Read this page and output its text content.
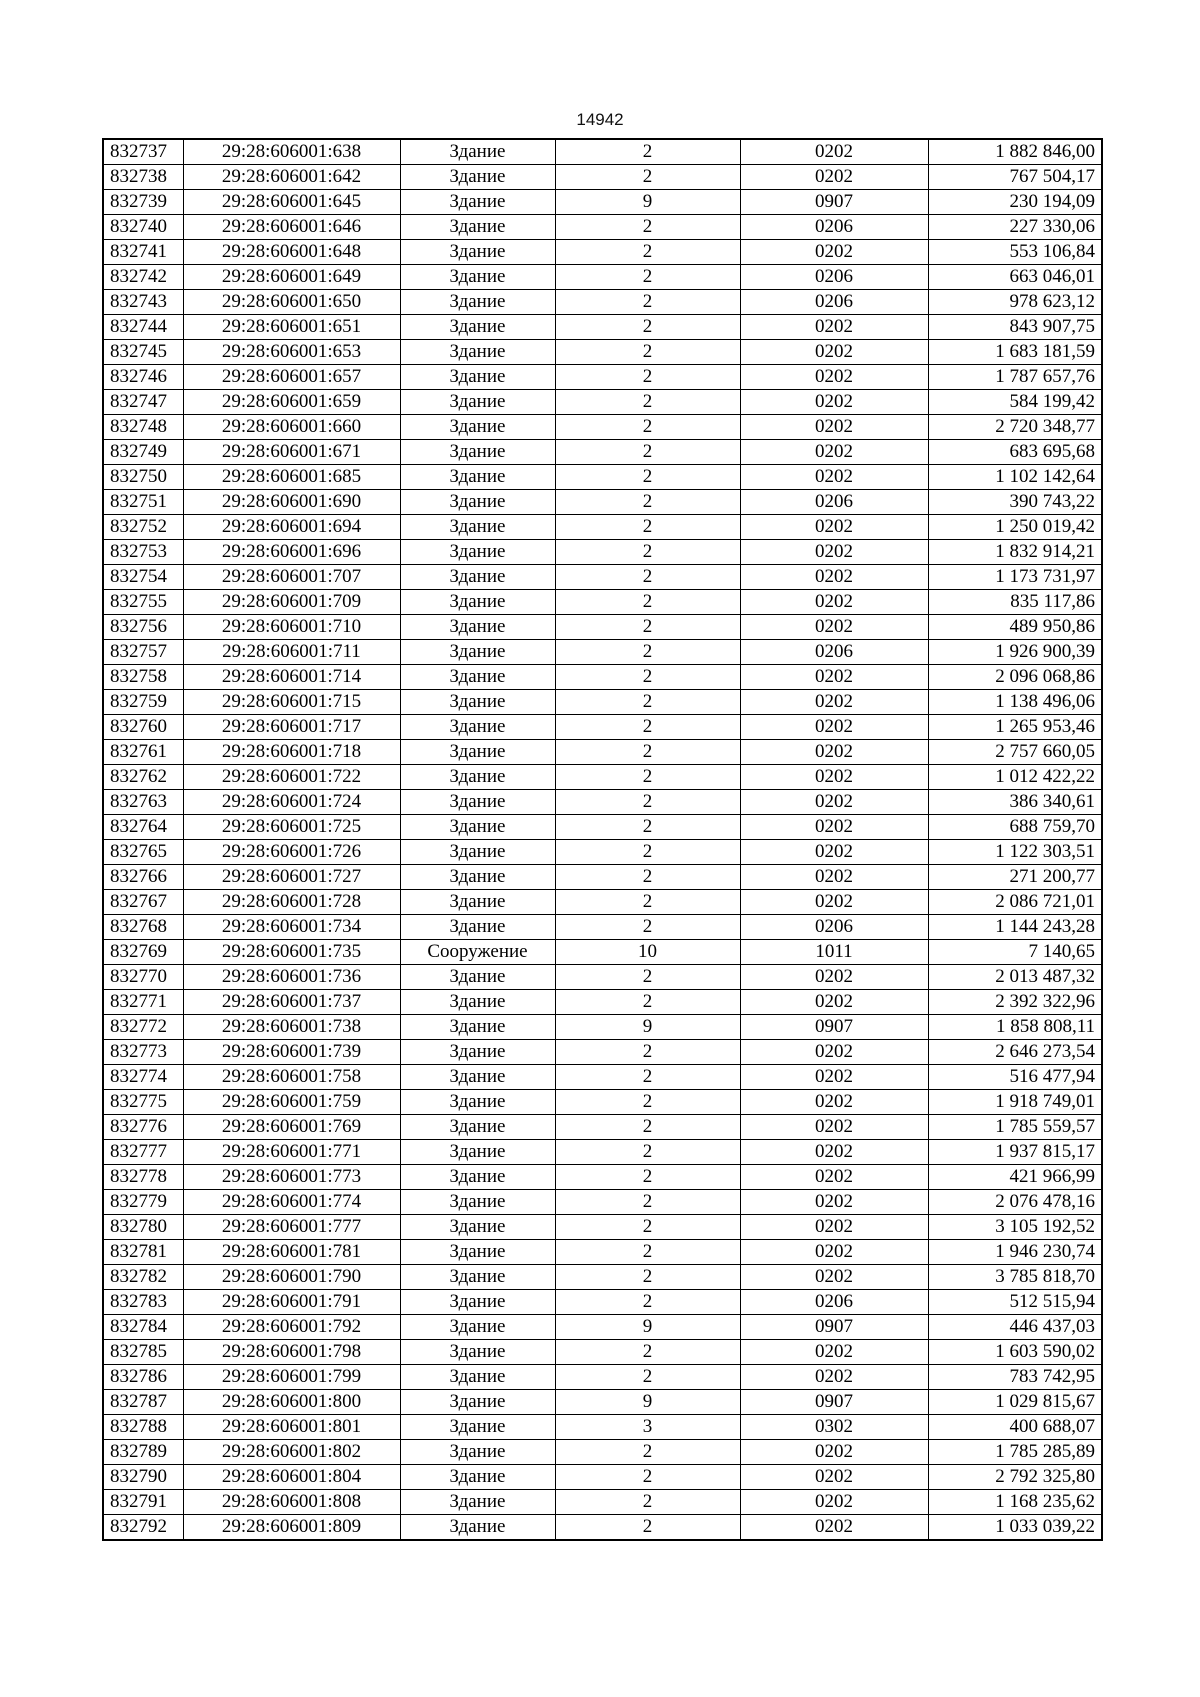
14942
832737	29:28:606001:638	Здание	2	0202	1 882 846,00
832738	29:28:606001:642	Здание	2	0202	767 504,17
832739	29:28:606001:645	Здание	9	0907	230 194,09
832740	29:28:606001:646	Здание	2	0206	227 330,06
832741	29:28:606001:648	Здание	2	0202	553 106,84
832742	29:28:606001:649	Здание	2	0206	663 046,01
832743	29:28:606001:650	Здание	2	0206	978 623,12
832744	29:28:606001:651	Здание	2	0202	843 907,75
832745	29:28:606001:653	Здание	2	0202	1 683 181,59
832746	29:28:606001:657	Здание	2	0202	1 787 657,76
832747	29:28:606001:659	Здание	2	0202	584 199,42
832748	29:28:606001:660	Здание	2	0202	2 720 348,77
832749	29:28:606001:671	Здание	2	0202	683 695,68
832750	29:28:606001:685	Здание	2	0202	1 102 142,64
832751	29:28:606001:690	Здание	2	0206	390 743,22
832752	29:28:606001:694	Здание	2	0202	1 250 019,42
832753	29:28:606001:696	Здание	2	0202	1 832 914,21
832754	29:28:606001:707	Здание	2	0202	1 173 731,97
832755	29:28:606001:709	Здание	2	0202	835 117,86
832756	29:28:606001:710	Здание	2	0202	489 950,86
832757	29:28:606001:711	Здание	2	0206	1 926 900,39
832758	29:28:606001:714	Здание	2	0202	2 096 068,86
832759	29:28:606001:715	Здание	2	0202	1 138 496,06
832760	29:28:606001:717	Здание	2	0202	1 265 953,46
832761	29:28:606001:718	Здание	2	0202	2 757 660,05
832762	29:28:606001:722	Здание	2	0202	1 012 422,22
832763	29:28:606001:724	Здание	2	0202	386 340,61
832764	29:28:606001:725	Здание	2	0202	688 759,70
832765	29:28:606001:726	Здание	2	0202	1 122 303,51
832766	29:28:606001:727	Здание	2	0202	271 200,77
832767	29:28:606001:728	Здание	2	0202	2 086 721,01
832768	29:28:606001:734	Здание	2	0206	1 144 243,28
832769	29:28:606001:735	Сооружение	10	1011	7 140,65
832770	29:28:606001:736	Здание	2	0202	2 013 487,32
832771	29:28:606001:737	Здание	2	0202	2 392 322,96
832772	29:28:606001:738	Здание	9	0907	1 858 808,11
832773	29:28:606001:739	Здание	2	0202	2 646 273,54
832774	29:28:606001:758	Здание	2	0202	516 477,94
832775	29:28:606001:759	Здание	2	0202	1 918 749,01
832776	29:28:606001:769	Здание	2	0202	1 785 559,57
832777	29:28:606001:771	Здание	2	0202	1 937 815,17
832778	29:28:606001:773	Здание	2	0202	421 966,99
832779	29:28:606001:774	Здание	2	0202	2 076 478,16
832780	29:28:606001:777	Здание	2	0202	3 105 192,52
832781	29:28:606001:781	Здание	2	0202	1 946 230,74
832782	29:28:606001:790	Здание	2	0202	3 785 818,70
832783	29:28:606001:791	Здание	2	0206	512 515,94
832784	29:28:606001:792	Здание	9	0907	446 437,03
832785	29:28:606001:798	Здание	2	0202	1 603 590,02
832786	29:28:606001:799	Здание	2	0202	783 742,95
832787	29:28:606001:800	Здание	9	0907	1 029 815,67
832788	29:28:606001:801	Здание	3	0302	400 688,07
832789	29:28:606001:802	Здание	2	0202	1 785 285,89
832790	29:28:606001:804	Здание	2	0202	2 792 325,80
832791	29:28:606001:808	Здание	2	0202	1 168 235,62
832792	29:28:606001:809	Здание	2	0202	1 033 039,22
